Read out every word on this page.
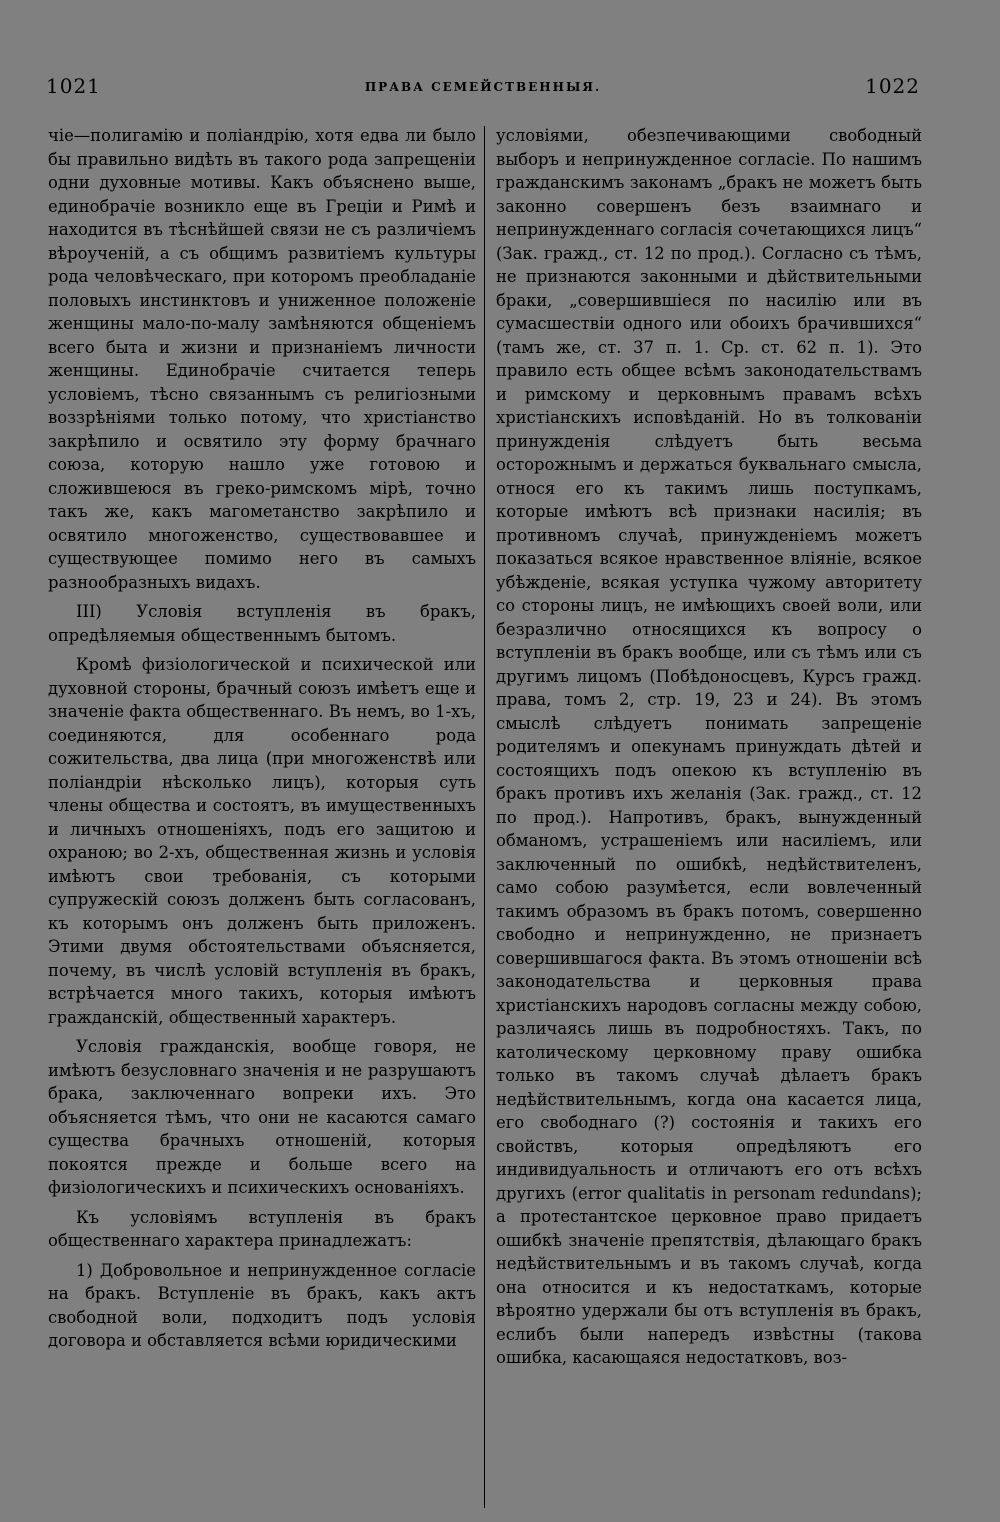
1021	ПРАВА СЕМЕЙСТВЕННЫЯ.	1022

чіе—полигамію и поліандрію, хотя едва ли было бы правильно видѣть въ такого рода запрещеніи одни духовные мотивы. Какъ объяснено выше, единобрачіе возникло еще въ Греціи и Римѣ и находится въ тѣснѣйшей связи не съ различіемъ вѣроученій, а съ общимъ развитіемъ культуры рода человѣческаго, при которомъ преобладаніе половыхъ инстинктовъ и униженное положеніе женщины мало-по-малу замѣняются общеніемъ всего быта и жизни и признаніемъ личности женщины. Единобрачіе считается теперь условіемъ, тѣсно связаннымъ съ религіозными воззрѣніями только потому, что христіанство закрѣпило и освятило эту форму брачнаго союза, которую нашло уже готовою и сложившеюся въ греко-римскомъ мірѣ, точно такъ же, какъ магометанство закрѣпило и освятило многоженство, существовавшее и существующее помимо него въ самыхъ разнообразныхъ видахъ.

III) Условія вступленія въ бракъ, опредѣляемыя общественнымъ бытомъ.

Кромѣ физіологической и психической или духовной стороны, брачный союзъ имѣетъ еще и значеніе факта общественнаго. Въ немъ, во 1-хъ, соединяются, для особеннаго рода сожительства, два лица (при многоженствѣ или поліандріи нѣсколько лицъ), которыя суть члены общества и состоятъ, въ имущественныхъ и личныхъ отношеніяхъ, подъ его защитою и охраною; во 2-хъ, общественная жизнь и условія имѣютъ свои требованія, съ которыми супружескій союзъ долженъ быть согласованъ, къ которымъ онъ долженъ быть приложенъ. Этими двумя обстоятельствами объясняется, почему, въ числѣ условій вступленія въ бракъ, встрѣчается много такихъ, которыя имѣютъ гражданскій, общественный характеръ.

Условія гражданскія, вообще говоря, не имѣютъ безусловнаго значенія и не разрушаютъ брака, заключеннаго вопреки ихъ. Это объясняется тѣмъ, что они не касаются самаго существа брачныхъ отношеній, которыя покоятся прежде и больше всего на физіологическихъ и психическихъ основаніяхъ.

Къ условіямъ вступленія въ бракъ общественнаго характера принадлежатъ:

1) Добровольное и непринужденное согласіе на бракъ. Вступленіе въ бракъ, какъ актъ свободной воли, подходитъ подъ условія договора и обставляется всѣми юридическими

условіями, обезпечивающими свободный выборъ и непринужденное согласіе. По нашимъ гражданскимъ законамъ „бракъ не можетъ быть законно совершенъ безъ взаимнаго и непринужденнаго согласія сочетающихся лицъ“ (Зак. гражд., ст. 12 по прод.). Согласно съ тѣмъ, не признаются законными и дѣйствительными браки, „совершившіеся по насилію или въ сумасшествіи одного или обоихъ брачившихся“ (тамъ же, ст. 37 п. 1. Ср. ст. 62 п. 1). Это правило есть общее всѣмъ законодательствамъ и римскому и церковнымъ правамъ всѣхъ христіанскихъ исповѣданій. Но въ толкованіи принужденія слѣдуетъ быть весьма осторожнымъ и держаться буквальнаго смысла, относя его къ такимъ лишь поступкамъ, которые имѣютъ всѣ признаки насилія; въ противномъ случаѣ, принужденіемъ можетъ показаться всякое нравственное вліяніе, всякое убѣжденіе, всякая уступка чужому авторитету со стороны лицъ, не имѣющихъ своей воли, или безразлично относящихся къ вопросу о вступленіи въ бракъ вообще, или съ тѣмъ или съ другимъ лицомъ (Побѣдоносцевъ, Курсъ гражд. права, томъ 2, стр. 19, 23 и 24). Въ этомъ смыслѣ слѣдуетъ понимать запрещеніе родителямъ и опекунамъ принуждать дѣтей и состоящихъ подъ опекою къ вступленію въ бракъ противъ ихъ желанія (Зак. гражд., ст. 12 по прод.). Напротивъ, бракъ, вынужденный обманомъ, устрашеніемъ или насиліемъ, или заключенный по ошибкѣ, недѣйствителенъ, само собою разумѣется, если вовлеченный такимъ образомъ въ бракъ потомъ, совершенно свободно и непринужденно, не признаетъ совершившагося факта. Въ этомъ отношеніи всѣ законодательства и церковныя права христіанскихъ народовъ согласны между собою, различаясь лишь въ подробностяхъ. Такъ, по католическому церковному праву ошибка только въ такомъ случаѣ дѣлаетъ бракъ недѣйствительнымъ, когда она касается лица, его свободнаго (?) состоянія и такихъ его свойствъ, которыя опредѣляютъ его индивидуальность и отличаютъ его отъ всѣхъ другихъ (error qualitatis in personam redundans); а протестантское церковное право придаетъ ошибкѣ значеніе препятствія, дѣлающаго бракъ недѣйствительнымъ и въ такомъ случаѣ, когда она относится и къ недостаткамъ, которые вѣроятно удержали бы отъ вступленія въ бракъ, еслибъ были напередъ извѣстны (такова ошибка, касающаяся недостатковъ, воз-
